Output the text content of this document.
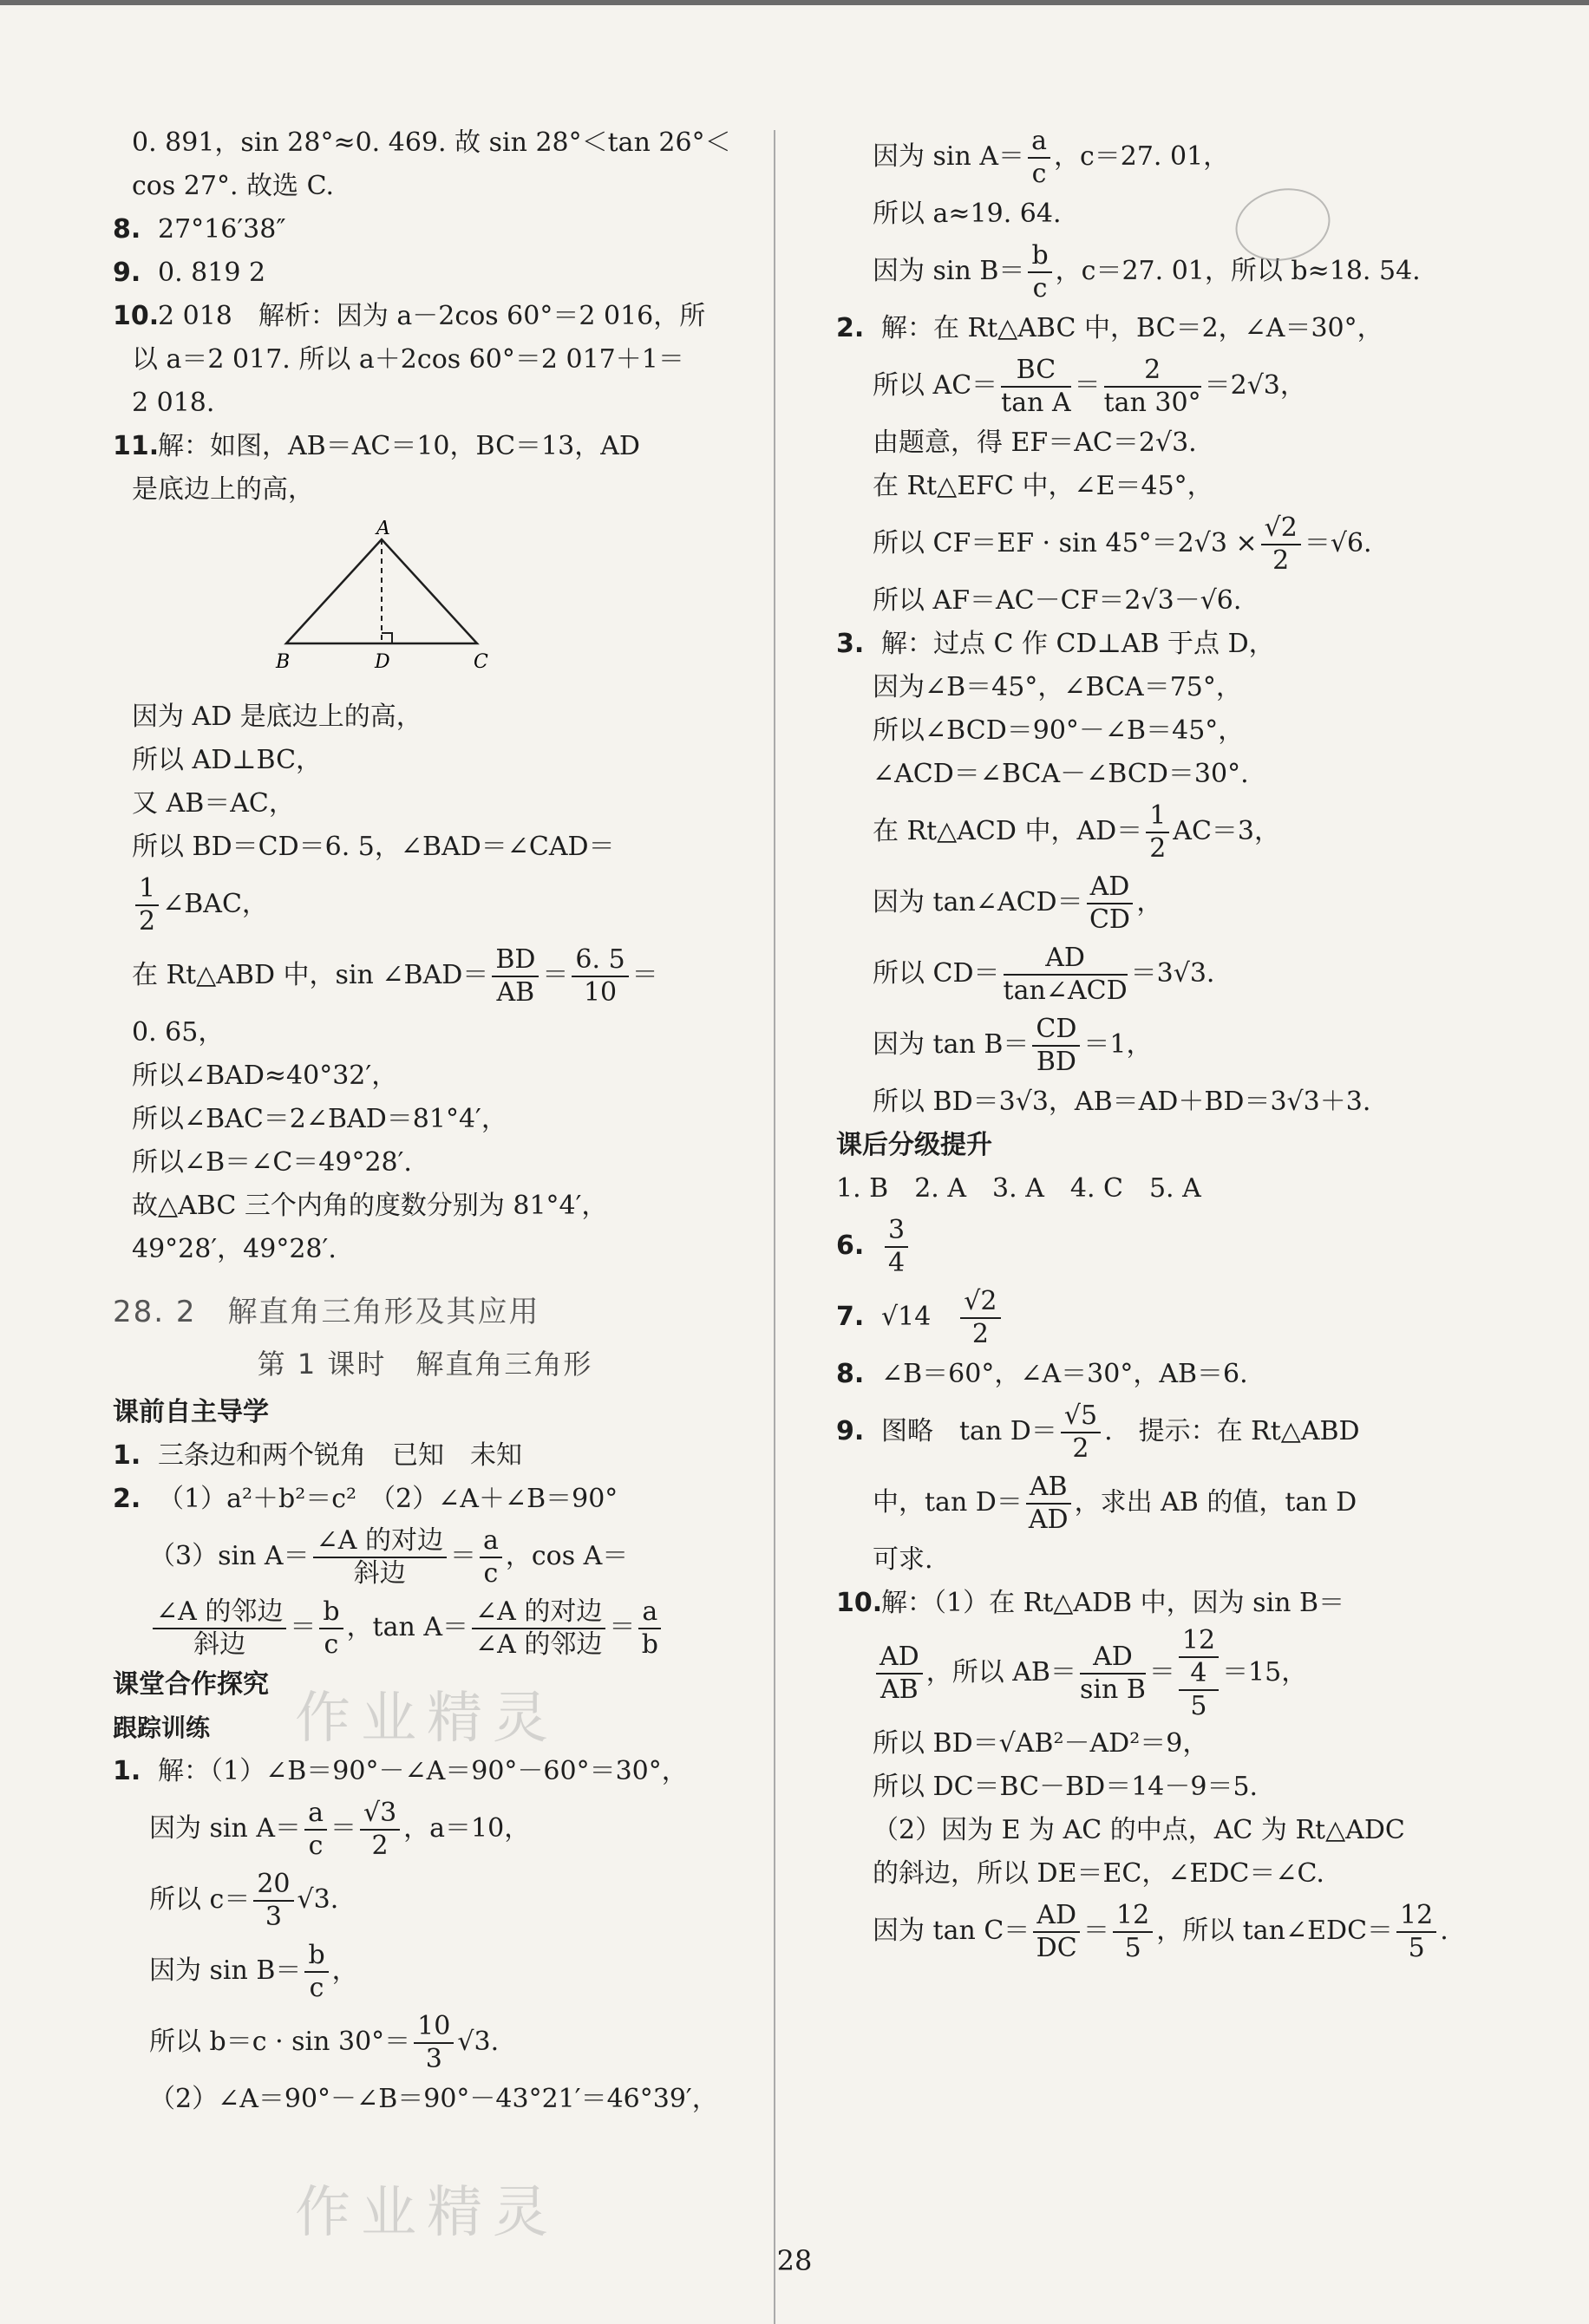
0. 891，sin 28°≈0. 469. 故 sin 28°＜tan 26°＜
cos 27°. 故选 C.
8. 27°16′38″
9. 0. 819 2
10.2 018　解析：因为 a－2cos 60°＝2 016，所
以 a＝2 017. 所以 a＋2cos 60°＝2 017＋1＝
2 018.
11.解：如图，AB＝AC＝10，BC＝13，AD
是底边上的高，
A
B	D	C
因为 AD 是底边上的高，
所以 AD⊥BC，
又 AB＝AC，
所以 BD＝CD＝6. 5，∠BAD＝∠CAD＝
$\frac{1}{2}$ ∠BAC，
在 Rt△ABD 中，sin ∠BAD＝ $\frac{BD}{AB} = \frac{6. 5}{10}$ ＝
0. 65，
所以∠BAD≈40°32′，
所以∠BAC＝2∠BAD＝81°4′，
所以∠B＝∠C＝49°28′.
故△ABC 三个内角的度数分别为 81°4′，
49°28′，49°28′.
28. 2　解直角三角形及其应用
第 1 课时　解直角三角形
课前自主导学
1. 三条边和两个锐角　已知　未知
2. （1）a²＋b²＝c²　（2）∠A＋∠B＝90°
（3）sin $A= \frac{\text{∠A 的对边}}{\text{斜边}} = \frac{a}{c}$ ，cos A＝
$\frac{\text{∠A 的邻边}}{\text{斜边}} = \frac{b}{c}$ ，$\tan A= \frac{\text{∠A 的对边}}{\text{∠A 的邻边}} = \frac{a}{b}$
课堂合作探究
跟踪训练
1. 解：（1）∠B＝90°－∠A＝90°－60°＝30°，
因为 $\sin A= \frac{a}{c} = \frac{√3}{2}$ ，a＝10，
所以 $c= \frac{20}{3} √3$.
因为 $\sin B= \frac{b}{c}$ ，
所以 $b=c \cdot \sin 30^\circ= \frac{10}{3} √3$.
（2）∠A＝90°－∠B＝90°－43°21′＝46°39′，
因为 $\sin A= \frac{a}{c}$ ，c＝27. 01，
所以 a≈19. 64.
因为 $\sin B= \frac{b}{c}$ ，c＝27. 01，所以 b≈18. 54.
2. 解：在 Rt△ABC 中，BC＝2，∠A＝30°，
所以 $AC= \frac{BC}{\text{tan A}} = \frac{2}{\tan 30^\circ} =2√3$，
由题意，得 EF＝AC＝2√3.
在 Rt△EFC 中，∠E＝45°，
所以 $CF=EF \cdot \sin 45^\circ=2√3 \times \frac{√2}{2} =√6$.
所以 AF＝AC－CF＝2√3－√6.
3. 解：过点 C 作 CD⊥AB 于点 D，
因为∠B＝45°，∠BCA＝75°，
所以∠BCD＝90°－∠B＝45°，
∠ACD＝∠BCA－∠BCD＝30°.
在 Rt△ACD 中，$AD= \frac{1}{2} AC=3$，
因为 tan∠ACD＝ $\frac{AD}{CD}$ ，
所以 $CD= \frac{AD}{\text{tan∠ACD}} =3√3$.
因为 $\tan B= \frac{CD}{BD} =1$，
所以 BD＝3√3，AB＝AD＋BD＝3√3＋3.
课后分级提升
1. B　2. A　3. A　4. C　5. A
6. $\frac{3}{4}$
7. √14　 $\frac{√2}{2}$
8. ∠B＝60°，∠A＝30°，AB＝6.
9. 图略　$\tan D= \frac{√5}{2}$ .　提示：在 Rt△ABD
中，$\tan D= \frac{AB}{AD}$ ，求出 AB 的值，tan D
可求.
10.解：（1）在 Rt△ADB 中，因为 sin B＝
$\frac{AD}{AB}$ ，所以 $AB= \frac{AD}{\text{sin B}}$ ＝
12
4
5
＝15，
所以 BD＝√AB²－AD²＝9，
所以 DC＝BC－BD＝14－9＝5.
（2）因为 E 为 AC 的中点，AC 为 Rt△ADC
的斜边，所以 DE＝EC，∠EDC＝∠C.
因为 $\tan C= \frac{AD}{DC} = \frac{12}{5}$ ，所以 tan∠EDC＝ $\frac{12}{5}$ .
作业精灵
作业精灵
28
